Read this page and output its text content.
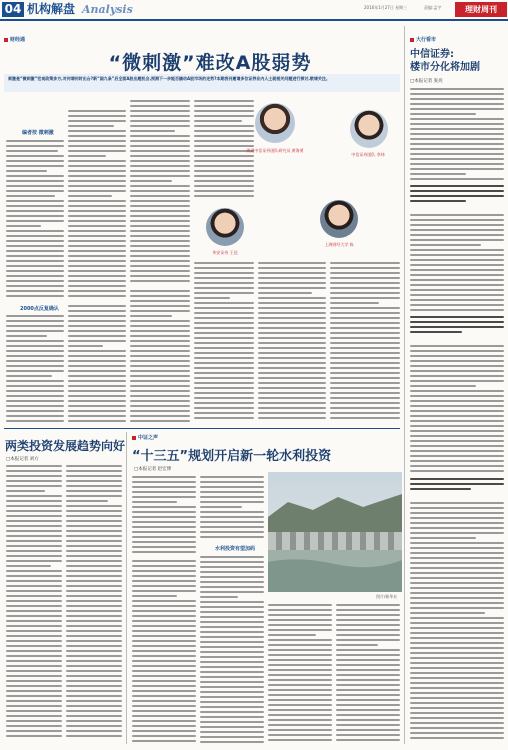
04 机构解盘 Analysis	2016年1月27日 星期三	责编:孟宇	理财周刊
财经通
“微刺激”难改A股弱势
刺激是“微刺激”宏观政策多方,对何谓何时出台?新“国九条”后全面A股出题机会,预测下一步能否撬动A股市场的走势?本期我刊邀请多位证券业内人士就相关问题进行探讨,敬请关注。
编者按 微刺激
2000点反复确认
海通中信证券团队研究员 黄海勇
中信证券团队 李炜
华安证券 王佳
上海财经大学 陈
两类投资发展趋势向好
□本报记者 刘方
中证之声
“十三五”规划开启新一轮水利投资
□本报记者 赵宏博
水利投资有望加码
图片/新华社
大行看市
中信证券:
楼市分化将加剧
□本报记者 张亮
